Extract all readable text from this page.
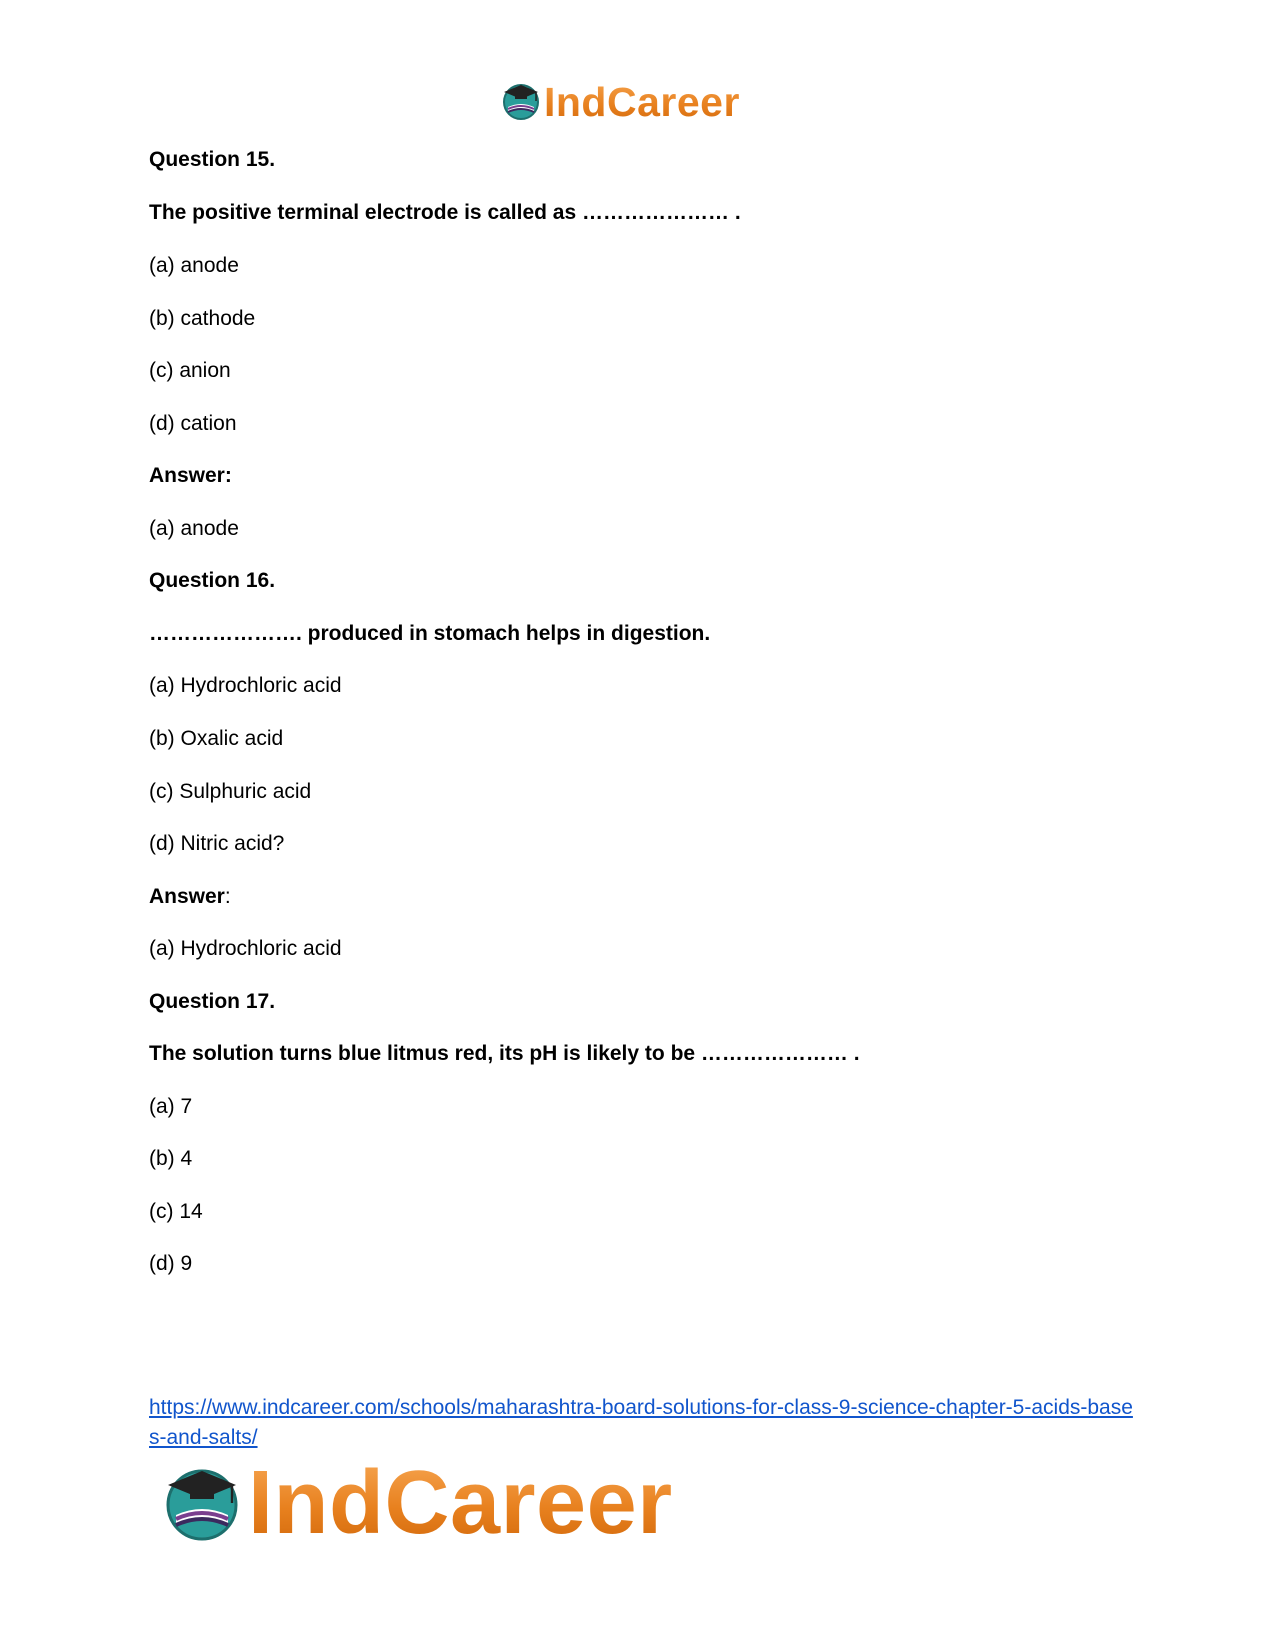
IndCareer
Question 15.
The positive terminal electrode is called as ………………… .
(a) anode
(b) cathode
(c) anion
(d) cation
Answer:
(a) anode
Question 16.
…………………. produced in stomach helps in digestion.
(a) Hydrochloric acid
(b) Oxalic acid
(c) Sulphuric acid
(d) Nitric acid?
Answer:
(a) Hydrochloric acid
Question 17.
The solution turns blue litmus red, its pH is likely to be ………………… .
(a) 7
(b) 4
(c) 14
(d) 9
https://www.indcareer.com/schools/maharashtra-board-solutions-for-class-9-science-chapter-5-acids-bases-and-salts/
IndCareer
